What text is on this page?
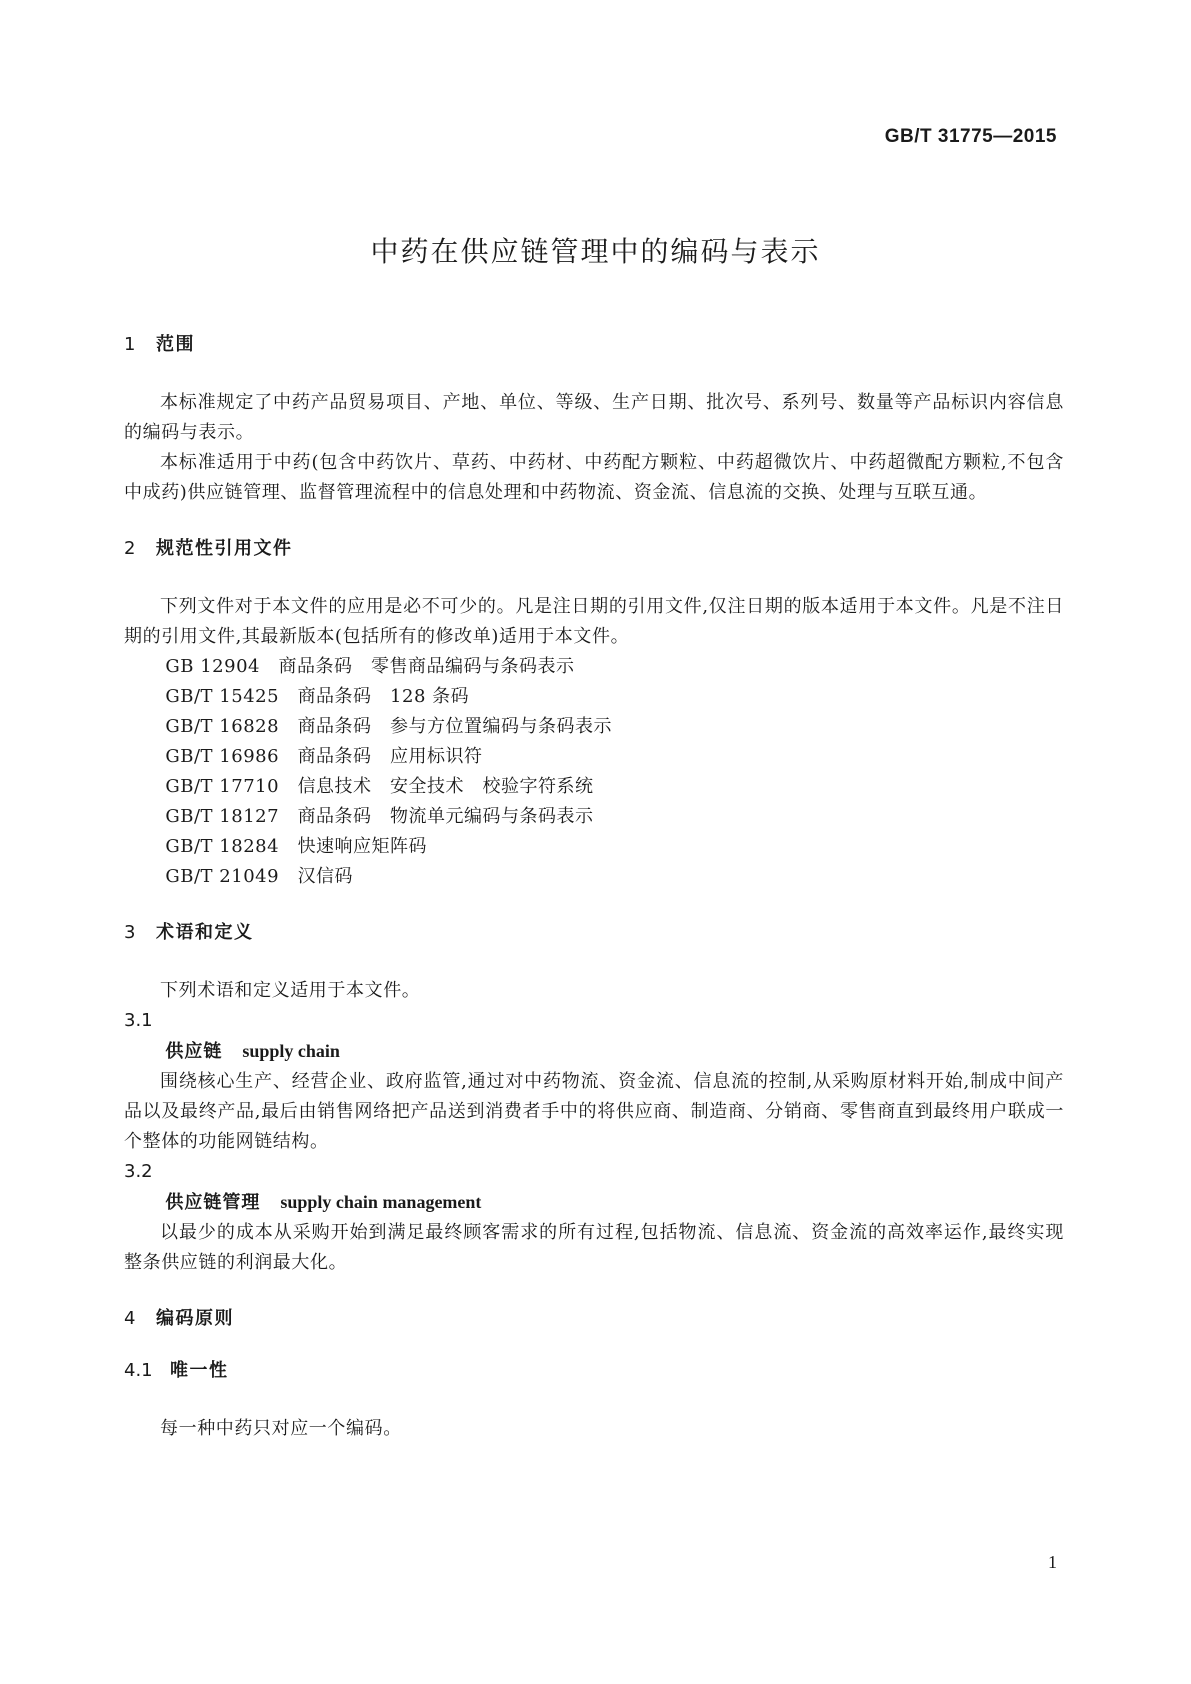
GB/T 31775—2015
中药在供应链管理中的编码与表示
1	范围

本标准规定了中药产品贸易项目、产地、单位、等级、生产日期、批次号、系列号、数量等产品标识内容信息的编码与表示。

本标准适用于中药(包含中药饮片、草药、中药材、中药配方颗粒、中药超微饮片、中药超微配方颗粒,不包含中成药)供应链管理、监督管理流程中的信息处理和中药物流、资金流、信息流的交换、处理与互联互通。

2	规范性引用文件

下列文件对于本文件的应用是必不可少的。凡是注日期的引用文件,仅注日期的版本适用于本文件。凡是不注日期的引用文件,其最新版本(包括所有的修改单)适用于本文件。

GB 12904　 商品条码　零售商品编码与条码表示

GB/T 15425　 商品条码　128 条码

GB/T 16828　 商品条码　参与方位置编码与条码表示

GB/T 16986　 商品条码　应用标识符

GB/T 17710　 信息技术　安全技术　校验字符系统

GB/T 18127　 商品条码　物流单元编码与条码表示

GB/T 18284　 快速响应矩阵码

GB/T 21049　 汉信码

3	术语和定义

下列术语和定义适用于本文件。

3.1

供应链 supply chain

围绕核心生产、经营企业、政府监管,通过对中药物流、资金流、信息流的控制,从采购原材料开始,制成中间产品以及最终产品,最后由销售网络把产品送到消费者手中的将供应商、制造商、分销商、零售商直到最终用户联成一个整体的功能网链结构。

3.2

供应链管理 supply chain management

以最少的成本从采购开始到满足最终顾客需求的所有过程,包括物流、信息流、资金流的高效率运作,最终实现整条供应链的利润最大化。

4	编码原则
4.1 唯一性

每一种中药只对应一个编码。

1
